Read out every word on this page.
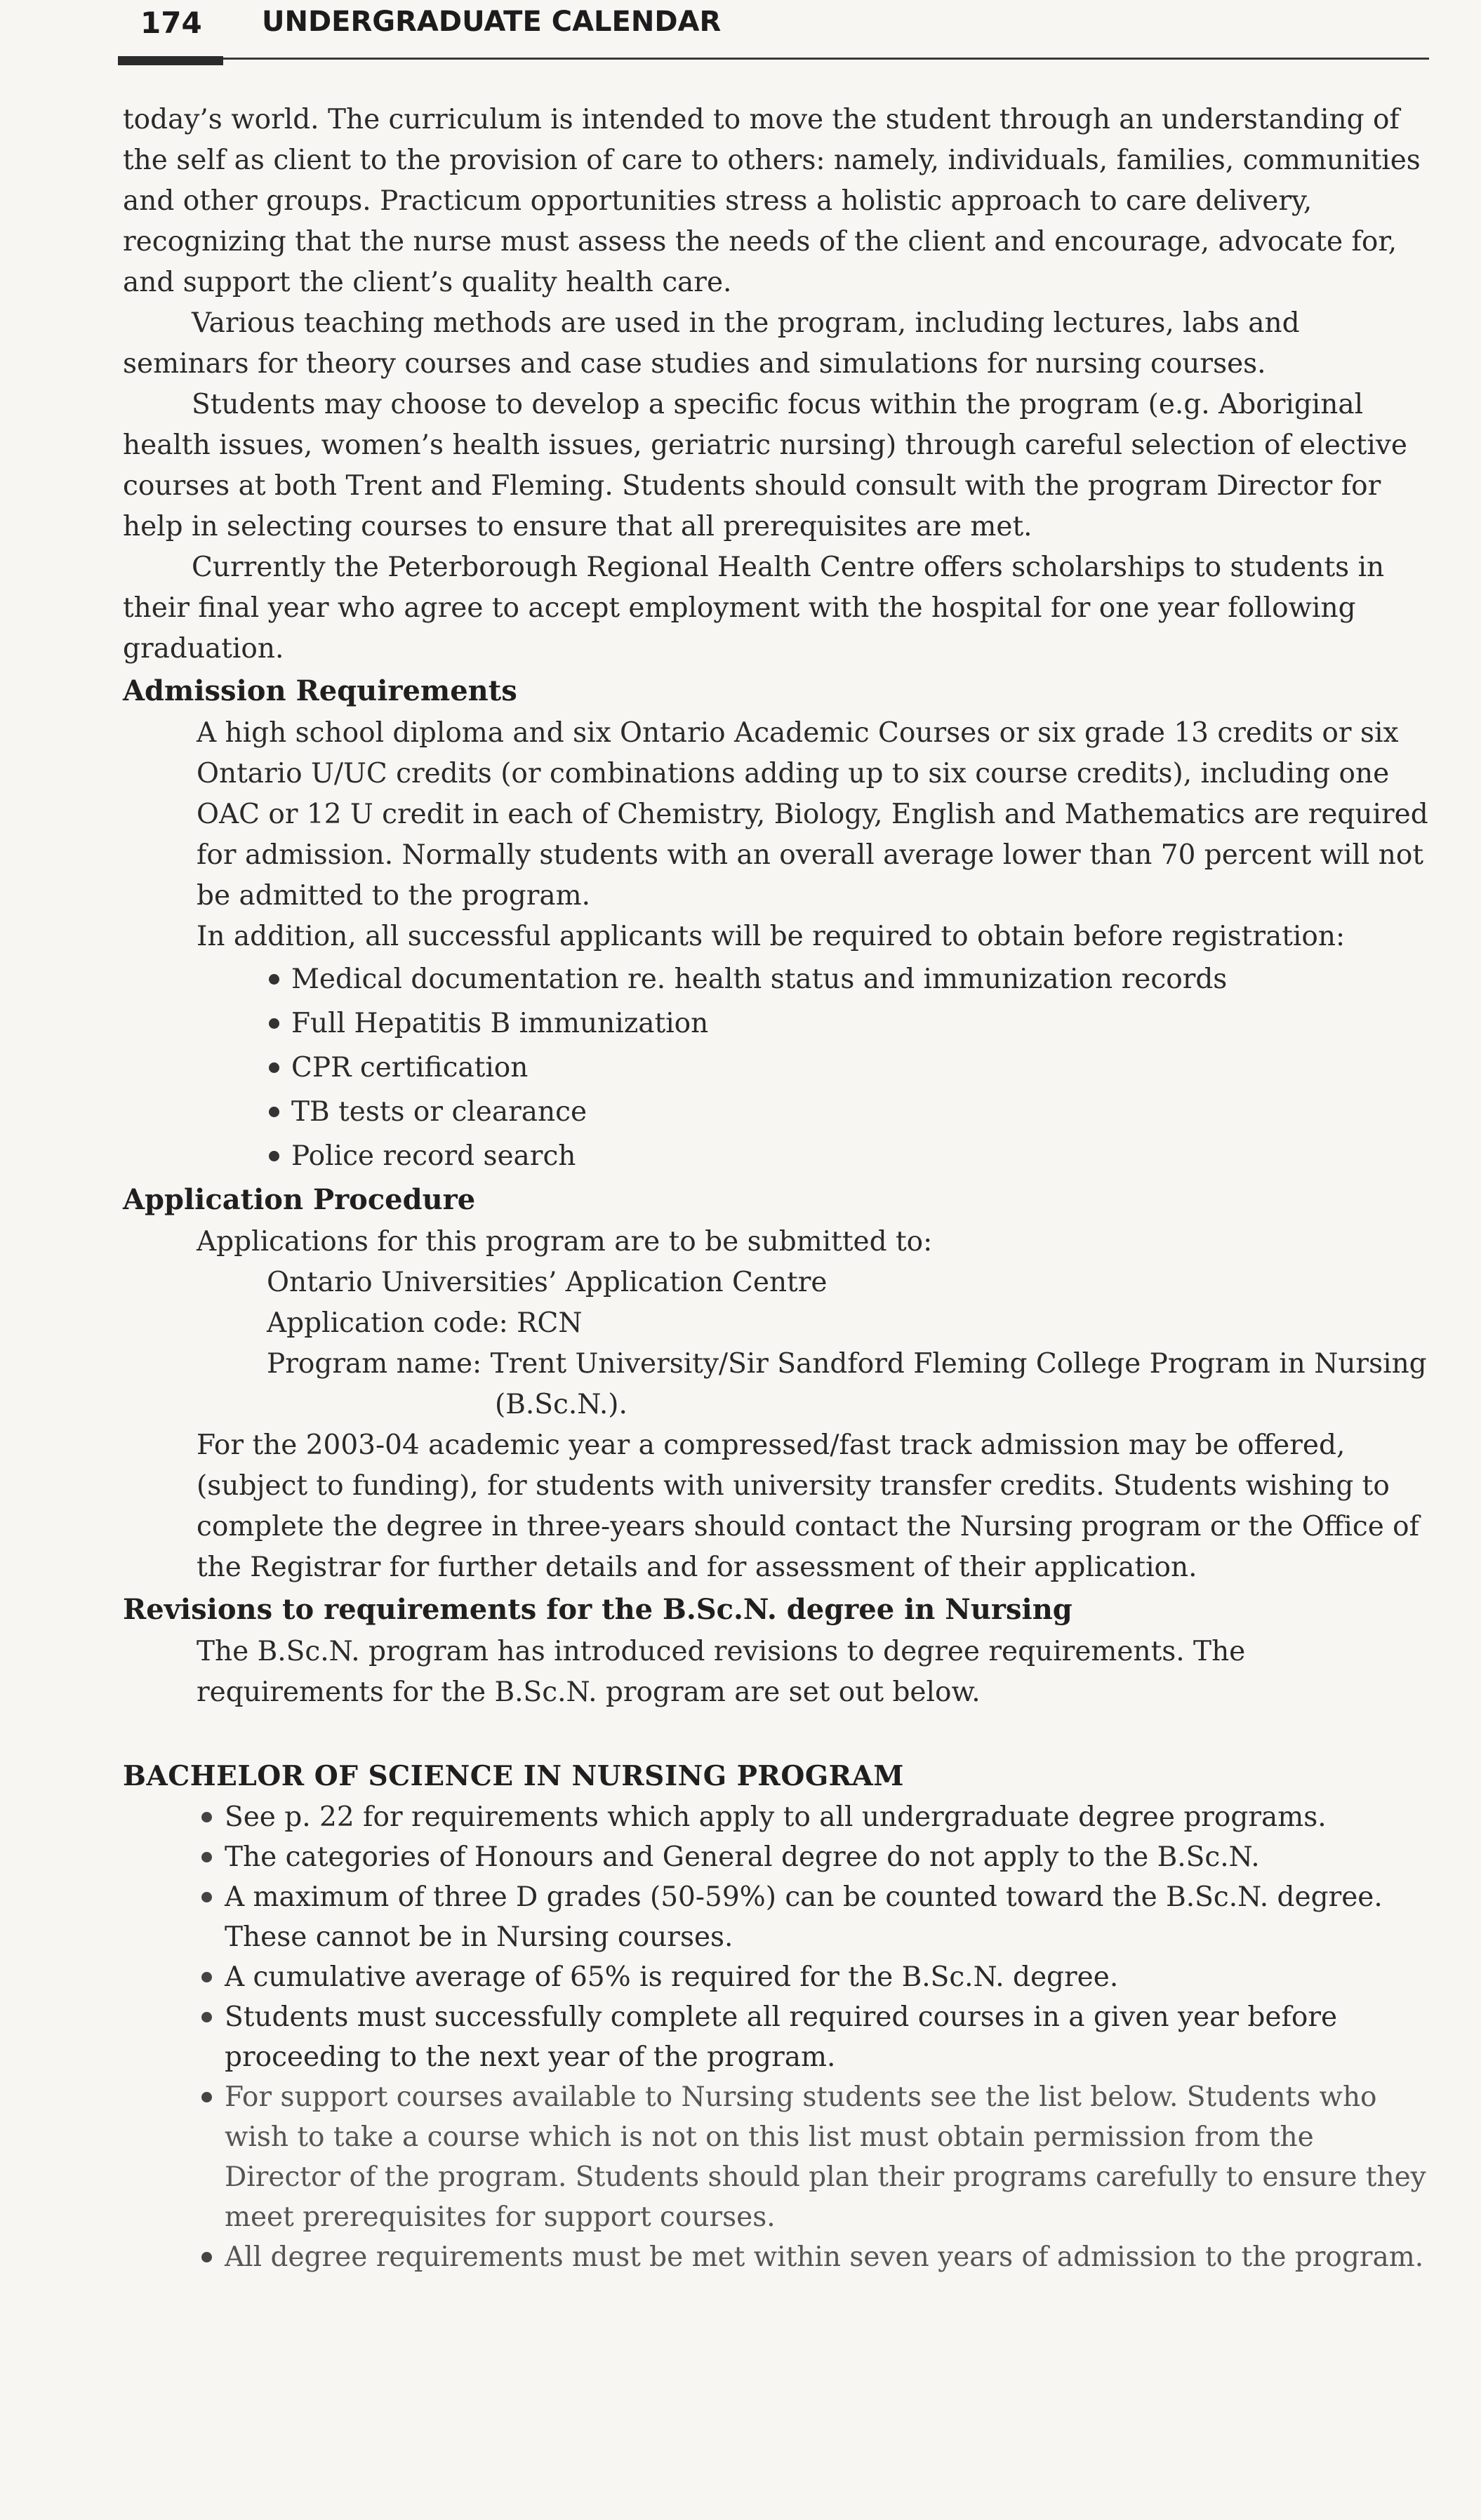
174 UNDERGRADUATE CALENDAR

today’s world. The curriculum is intended to move the student through an understanding of the self as client to the provision of care to others: namely, individuals, families, communities and other groups. Practicum opportunities stress a holistic approach to care delivery, recognizing that the nurse must assess the needs of the client and encourage, advocate for, and support the client’s quality health care.

Various teaching methods are used in the program, including lectures, labs and seminars for theory courses and case studies and simulations for nursing courses.

Students may choose to develop a specific focus within the program (e.g. Aboriginal health issues, women’s health issues, geriatric nursing) through careful selection of elective courses at both Trent and Fleming. Students should consult with the program Director for help in selecting courses to ensure that all prerequisites are met.

Currently the Peterborough Regional Health Centre offers scholarships to students in their final year who agree to accept employment with the hospital for one year following graduation.

Admission Requirements

A high school diploma and six Ontario Academic Courses or six grade 13 credits or six Ontario U/UC credits (or combinations adding up to six course credits), including one OAC or 12 U credit in each of Chemistry, Biology, English and Mathematics are required for admission. Normally students with an overall average lower than 70 percent will not be admitted to the program.

In addition, all successful applicants will be required to obtain before registration:

Medical documentation re. health status and immunization records
Full Hepatitis B immunization
CPR certification
TB tests or clearance
Police record search
Application Procedure

Applications for this program are to be submitted to:

Ontario Universities’ Application Centre

Application code: RCN

Program name: Trent University/Sir Sandford Fleming College Program in Nursing

(B.Sc.N.).

For the 2003-04 academic year a compressed/fast track admission may be offered, (subject to funding), for students with university transfer credits. Students wishing to complete the degree in three-years should contact the Nursing program or the Office of the Registrar for further details and for assessment of their application.

Revisions to requirements for the B.Sc.N. degree in Nursing

The B.Sc.N. program has introduced revisions to degree requirements. The requirements for the B.Sc.N. program are set out below.

BACHELOR OF SCIENCE IN NURSING PROGRAM
See p. 22 for requirements which apply to all undergraduate degree programs.
The categories of Honours and General degree do not apply to the B.Sc.N.
A maximum of three D grades (50-59%) can be counted toward the B.Sc.N. degree. These cannot be in Nursing courses.
A cumulative average of 65% is required for the B.Sc.N. degree.
Students must successfully complete all required courses in a given year before proceeding to the next year of the program.
For support courses available to Nursing students see the list below. Students who wish to take a course which is not on this list must obtain permission from the Director of the program. Students should plan their programs carefully to ensure they meet prerequisites for support courses.
All degree requirements must be met within seven years of admission to the program.
